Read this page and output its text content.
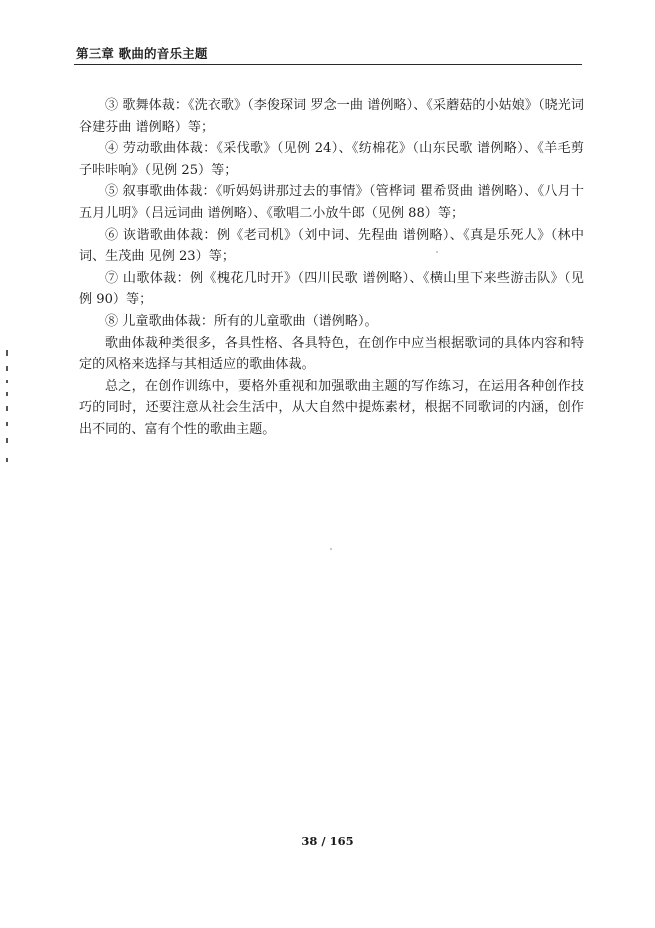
第三章 歌曲的音乐主题

③ 歌舞体裁：《洗衣歌》（李俊琛词 罗念一曲 谱例略）、《采蘑菇的小姑娘》（晓光词 谷建芬曲 谱例略）等；

④ 劳动歌曲体裁：《采伐歌》（见例 24）、《纺棉花》（山东民歌 谱例略）、《羊毛剪子咔咔响》（见例 25）等；

⑤ 叙事歌曲体裁：《听妈妈讲那过去的事情》（管桦词 瞿希贤曲 谱例略）、《八月十五月儿明》（吕远词曲 谱例略）、《歌唱二小放牛郎（见例 88）等；

⑥ 诙谐歌曲体裁：例《老司机》（刘中词、先程曲 谱例略）、《真是乐死人》（林中词、生茂曲 见例 23）等；

⑦ 山歌体裁：例《槐花几时开》（四川民歌 谱例略）、《横山里下来些游击队》（见例 90）等；

⑧ 儿童歌曲体裁：所有的儿童歌曲（谱例略）。

歌曲体裁种类很多，各具性格、各具特色，在创作中应当根据歌词的具体内容和特定的风格来选择与其相适应的歌曲体裁。

总之，在创作训练中，要格外重视和加强歌曲主题的写作练习，在运用各种创作技巧的同时，还要注意从社会生活中，从大自然中提炼素材，根据不同歌词的内涵，创作出不同的、富有个性的歌曲主题。

38 / 165
